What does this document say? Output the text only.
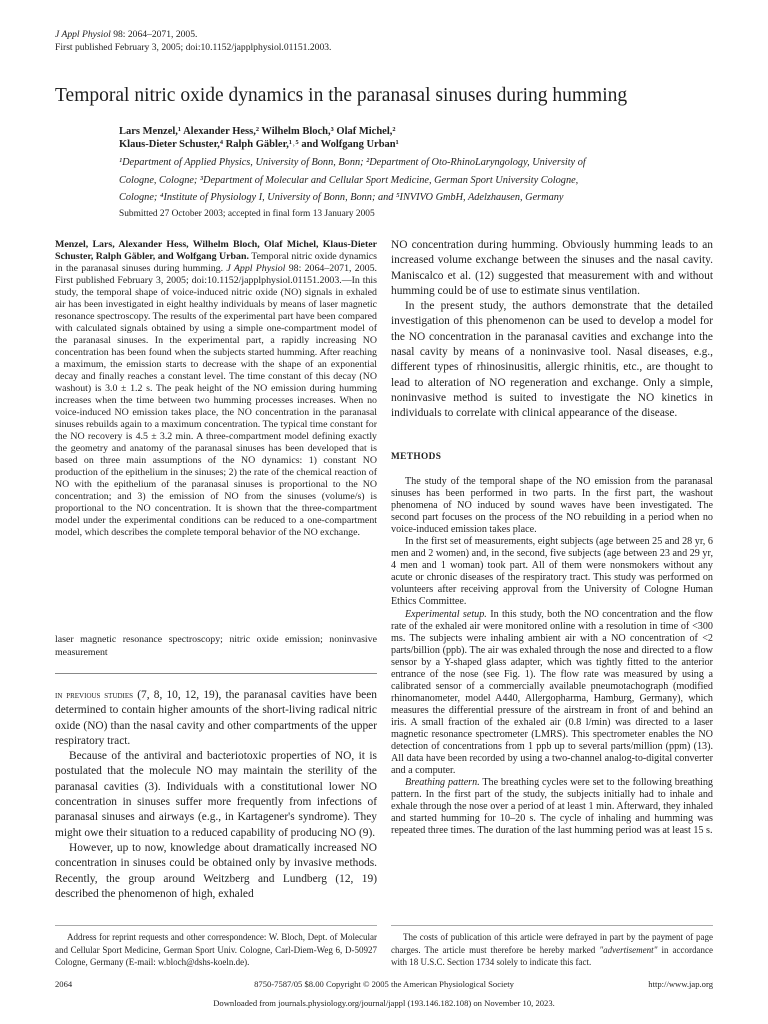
J Appl Physiol 98: 2064–2071, 2005.
First published February 3, 2005; doi:10.1152/japplphysiol.01151.2003.
Temporal nitric oxide dynamics in the paranasal sinuses during humming
Lars Menzel,¹ Alexander Hess,² Wilhelm Bloch,³ Olaf Michel,²
Klaus-Dieter Schuster,⁴ Ralph Gäbler,¹˒⁵ and Wolfgang Urban¹
¹Department of Applied Physics, University of Bonn, Bonn; ²Department of Oto-RhinoLaryngology, University of
Cologne, Cologne; ³Department of Molecular and Cellular Sport Medicine, German Sport University Cologne,
Cologne; ⁴Institute of Physiology I, University of Bonn, Bonn; and ⁵INVIVO GmbH, Adelzhausen, Germany
Submitted 27 October 2003; accepted in final form 13 January 2005
Menzel, Lars, Alexander Hess, Wilhelm Bloch, Olaf Michel, Klaus-Dieter Schuster, Ralph Gäbler, and Wolfgang Urban. Temporal nitric oxide dynamics in the paranasal sinuses during humming. J Appl Physiol 98: 2064–2071, 2005. First published February 3, 2005; doi:10.1152/japplphysiol.01151.2003.—In this study, the temporal shape of voice-induced nitric oxide (NO) signals in exhaled air has been investigated in eight healthy individuals by means of laser magnetic resonance spectroscopy. The results of the experimental part have been compared with calculated signals obtained by using a simple one-compartment model of the paranasal sinuses. In the experimental part, a rapidly increasing NO concentration has been found when the subjects started humming. After reaching a maximum, the emission starts to decrease with the shape of an exponential decay and finally reaches a constant level. The time constant of this decay (NO washout) is 3.0 ± 1.2 s. The peak height of the NO emission during humming increases when the time between two humming processes increases. When no voice-induced NO emission takes place, the NO concentration in the paranasal sinuses rebuilds again to a maximum concentration. The typical time constant for the NO recovery is 4.5 ± 3.2 min. A three-compartment model defining exactly the geometry and anatomy of the paranasal sinuses has been developed that is based on three main assumptions of the NO dynamics: 1) constant NO production of the epithelium in the sinuses; 2) the rate of the chemical reaction of NO with the epithelium of the paranasal sinuses is proportional to the NO concentration; and 3) the emission of NO from the sinuses (volume/s) is proportional to the NO concentration. It is shown that the three-compartment model under the experimental conditions can be reduced to a one-compartment model, which describes the complete temporal behavior of the NO exchange.
laser magnetic resonance spectroscopy; nitric oxide emission; noninvasive measurement

in previous studies (7, 8, 10, 12, 19), the paranasal cavities have been determined to contain higher amounts of the short-living radical nitric oxide (NO) than the nasal cavity and other compartments of the upper respiratory tract.

Because of the antiviral and bacteriotoxic properties of NO, it is postulated that the molecule NO may maintain the sterility of the paranasal cavities (3). Individuals with a constitutional lower NO concentration in sinuses suffer more frequently from infections of paranasal sinuses and airways (e.g., in Kartagener's syndrome). They might owe their situation to a reduced capability of producing NO (9).

However, up to now, knowledge about dramatically increased NO concentration in sinuses could be obtained only by invasive methods. Recently, the group around Weitzberg and Lundberg (12, 19) described the phenomenon of high, exhaled

NO concentration during humming. Obviously humming leads to an increased volume exchange between the sinuses and the nasal cavity. Maniscalco et al. (12) suggested that measurement with and without humming could be of use to estimate sinus ventilation.

In the present study, the authors demonstrate that the detailed investigation of this phenomenon can be used to develop a model for the NO concentration in the paranasal cavities and exchange into the nasal cavity by means of a noninvasive tool. Nasal diseases, e.g., different types of rhinosinusitis, allergic rhinitis, etc., are thought to lead to alteration of NO regeneration and exchange. Only a simple, noninvasive method is suited to investigate the NO kinetics in individuals to correlate with clinical appearance of the disease.

METHODS

The study of the temporal shape of the NO emission from the paranasal sinuses has been performed in two parts. In the first part, the washout phenomena of NO induced by sound waves have been investigated. The second part focuses on the process of the NO rebuilding in a period when no voice-induced emission takes place.

In the first set of measurements, eight subjects (age between 25 and 28 yr, 6 men and 2 women) and, in the second, five subjects (age between 23 and 29 yr, 4 men and 1 woman) took part. All of them were nonsmokers without any acute or chronic diseases of the respiratory tract. This study was performed on volunteers after receiving approval from the University of Cologne Human Ethics Committee.

Experimental setup. In this study, both the NO concentration and the flow rate of the exhaled air were monitored online with a resolution in time of <300 ms. The subjects were inhaling ambient air with a NO concentration of <2 parts/billion (ppb). The air was exhaled through the nose and directed to a flow sensor by a Y-shaped glass adapter, which was tightly fitted to the anterior entrance of the nose (see Fig. 1). The flow rate was measured by using a calibrated sensor of a commercially available pneumotachograph (modified rhinomanometer, model A440, Allergopharma, Hamburg, Germany), which measures the differential pressure of the airstream in front of and behind an iris. A small fraction of the exhaled air (0.8 l/min) was directed to a laser magnetic resonance spectrometer (LMRS). This spectrometer enables the NO detection of concentrations from 1 ppb up to several parts/million (ppm) (13). All data have been recorded by using a two-channel analog-to-digital converter and a computer.

Breathing pattern. The breathing cycles were set to the following breathing pattern. In the first part of the study, the subjects initially had to inhale and exhale through the nose over a period of at least 1 min. Afterward, they inhaled and started humming for 10–20 s. The cycle of inhaling and humming was repeated three times. The duration of the last humming period was at least 15 s.

Address for reprint requests and other correspondence: W. Bloch, Dept. of Molecular and Cellular Sport Medicine, German Sport Univ. Cologne, Carl-Diem-Weg 6, D-50927 Cologne, Germany (E-mail: w.bloch@dshs-koeln.de).
The costs of publication of this article were defrayed in part by the payment of page charges. The article must therefore be hereby marked "advertisement" in accordance with 18 U.S.C. Section 1734 solely to indicate this fact.
2064	8750-7587/05 $8.00 Copyright © 2005 the American Physiological Society	http://www.jap.org
Downloaded from journals.physiology.org/journal/jappl (193.146.182.108) on November 10, 2023.
